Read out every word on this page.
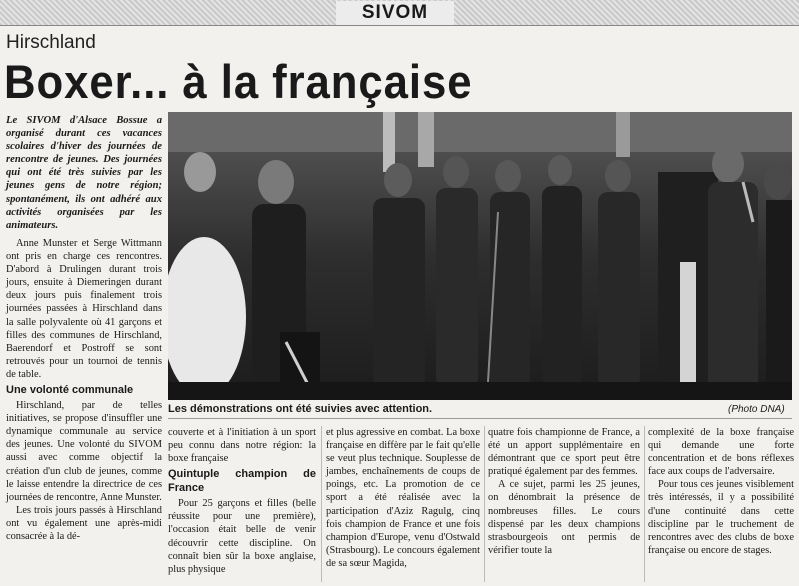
SIVOM
Hirschland
Boxer... à la française
Le SIVOM d'Alsace Bossue a organisé durant ces vacances scolaires d'hiver des journées de rencontre de jeunes. Des journées qui ont été très suivies par les jeunes gens de notre région; spontanément, ils ont adhéré aux activités organisées par les animateurs.

Anne Munster et Serge Wittmann ont pris en charge ces rencontres. D'abord à Drulingen durant trois jours, ensuite à Diemeringen durant deux jours puis finalement trois journées passées à Hirschland dans la salle polyvalente où 41 garçons et filles des communes de Hirschland, Baerendorf et Postroff se sont retrouvés pour un tournoi de tennis de table.

Une volonté communale

Hirschland, par de telles initiatives, se propose d'insuffler une dynamique communale au service des jeunes. Une volonté du SIVOM aussi avec comme objectif la création d'un club de jeunes, comme le laisse entendre la directrice de ces journées de rencontre, Anne Munster.

Les trois jours passés à Hirschland ont vu également une après-midi consacrée à la dé-

Les démonstrations ont été suivies avec attention.	(Photo DNA)

couverte et à l'initiation à un sport peu connu dans notre région: la boxe française

Quintuple champion de France

Pour 25 garçons et filles (belle réussite pour une première), l'occasion était belle de venir découvrir cette discipline. On connaît bien sûr la boxe anglaise, plus physique

et plus agressive en combat. La boxe française en diffère par le fait qu'elle se veut plus technique. Souplesse de jambes, enchaînements de coups de poings, etc. La promotion de ce sport a été réalisée avec la participation d'Aziz Ragulg, cinq fois champion de France et une fois champion d'Europe, venu d'Ostwald (Strasbourg). Le concours également de sa sœur Magida,

quatre fois championne de France, a été un apport supplémentaire en démontrant que ce sport peut être pratiqué également par des femmes.

A ce sujet, parmi les 25 jeunes, on dénombrait la présence de nombreuses filles. Le cours dispensé par les deux champions strasbourgeois ont permis de vérifier toute la

complexité de la boxe française qui demande une forte concentration et de bons réflexes face aux coups de l'adversaire.

Pour tous ces jeunes visiblement très intéressés, il y a possibilité d'une continuité dans cette discipline par le truchement de rencontres avec des clubs de boxe française ou encore de stages.
